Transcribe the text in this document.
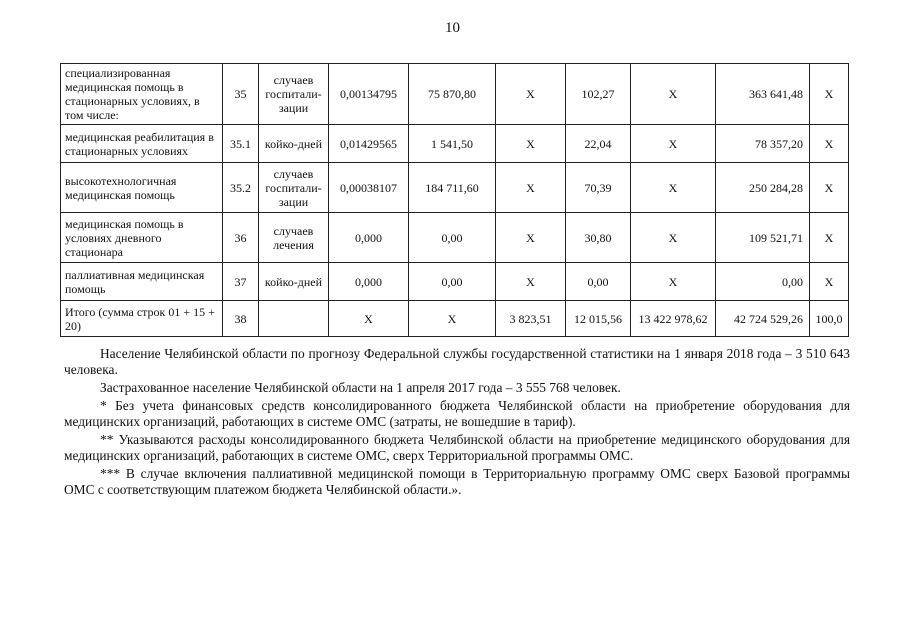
10
специализированная медицинская помощь в стационарных условиях, в том числе:	35	случаев госпитали-зации	0,00134795	75 870,80	X	102,27	X	363 641,48	X
медицинская реабилитация в стационарных условиях	35.1	койко-дней	0,01429565	1 541,50	X	22,04	X	78 357,20	X
высокотехнологичная медицинская помощь	35.2	случаев госпитали-зации	0,00038107	184 711,60	X	70,39	X	250 284,28	X
медицинская помощь в условиях дневного стационара	36	случаев лечения	0,000	0,00	X	30,80	X	109 521,71	X
паллиативная медицинская помощь	37	койко-дней	0,000	0,00	X	0,00	X	0,00	X
Итого (сумма строк 01 + 15 + 20)	38		X	X	3 823,51	12 015,56	13 422 978,62	42 724 529,26	100,0

Население Челябинской области по прогнозу Федеральной службы государственной статистики на 1 января 2018 года – 3 510 643 человека.

Застрахованное население Челябинской области на 1 апреля 2017 года – 3 555 768 человек.

* Без учета финансовых средств консолидированного бюджета Челябинской области на приобретение оборудования для медицинских организаций, работающих в системе ОМС (затраты, не вошедшие в тариф).

** Указываются расходы консолидированного бюджета Челябинской области на приобретение медицинского оборудования для медицинских организаций, работающих в системе ОМС, сверх Территориальной программы ОМС.

*** В случае включения паллиативной медицинской помощи в Территориальную программу ОМС сверх Базовой программы ОМС с соответствующим платежом бюджета Челябинской области.».
